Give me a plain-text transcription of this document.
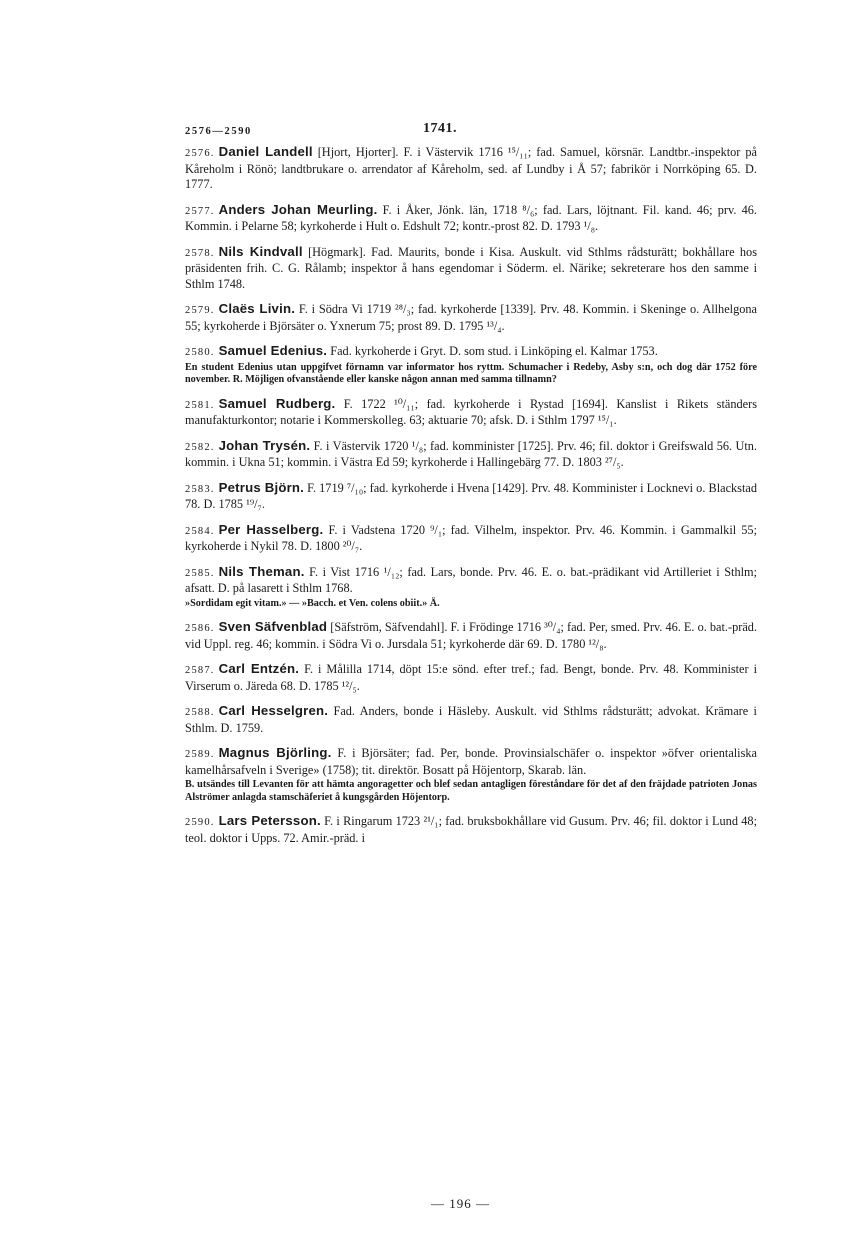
2576—2590	1741.
2576. Daniel Landell [Hjort, Hjorter]. F. i Västervik 1716 ¹⁵/₁₁; fad. Samuel, körsnär. Landtbr.-inspektor på Kåreholm i Rönö; landtbrukare o. arrendator af Kåreholm, sed. af Lundby i Å 57; fabrikör i Norrköping 65. D. 1777.
2577. Anders Johan Meurling. F. i Åker, Jönk. län, 1718 ⁸/₆; fad. Lars, löjtnant. Fil. kand. 46; prv. 46. Kommin. i Pelarne 58; kyrkoherde i Hult o. Edshult 72; kontr.-prost 82. D. 1793 ¹/₈.
2578. Nils Kindvall [Högmark]. Fad. Maurits, bonde i Kisa. Auskult. vid Sthlms rådsturätt; bokhållare hos präsidenten frih. C. G. Rålamb; inspektor å hans egendomar i Söderm. el. Närike; sekreterare hos den samme i Sthlm 1748.
2579. Claës Livin. F. i Södra Vi 1719 ²⁸/₃; fad. kyrkoherde [1339]. Prv. 48. Kommin. i Skeninge o. Allhelgona 55; kyrkoherde i Björsäter o. Yxnerum 75; prost 89. D. 1795 ¹³/₄.
2580. Samuel Edenius. Fad. kyrkoherde i Gryt. D. som stud. i Linköping el. Kalmar 1753.
En student Edenius utan uppgifvet förnamn var informator hos ryttm. Schumacher i Redeby, Asby s:n, och dog där 1752 före november. R. Möjligen ofvanstående eller kanske någon annan med samma tillnamn?
2581. Samuel Rudberg. F. 1722 ¹⁰/₁₁; fad. kyrkoherde i Rystad [1694]. Kanslist i Rikets ständers manufakturkontor; notarie i Kommerskolleg. 63; aktuarie 70; afsk. D. i Sthlm 1797 ¹⁵/₁.
2582. Johan Trysén. F. i Västervik 1720 ¹/₈; fad. komminister [1725]. Prv. 46; fil. doktor i Greifswald 56. Utn. kommin. i Ukna 51; kommin. i Västra Ed 59; kyrkoherde i Hallingebärg 77. D. 1803 ²⁷/₅.
2583. Petrus Björn. F. 1719 ⁷/₁₀; fad. kyrkoherde i Hvena [1429]. Prv. 48. Komminister i Locknevi o. Blackstad 78. D. 1785 ¹⁹/₇.
2584. Per Hasselberg. F. i Vadstena 1720 ⁹/₁; fad. Vilhelm, inspektor. Prv. 46. Kommin. i Gammalkil 55; kyrkoherde i Nykil 78. D. 1800 ²⁰/₇.
2585. Nils Theman. F. i Vist 1716 ¹/₁₂; fad. Lars, bonde. Prv. 46. E. o. bat.-prädikant vid Artilleriet i Sthlm; afsatt. D. på lasarett i Sthlm 1768.
»Sordidam egit vitam.» — »Bacch. et Ven. colens obiit.» Ä.
2586. Sven Säfvenblad [Säfström, Säfvendahl]. F. i Frödinge 1716 ³⁰/₄; fad. Per, smed. Prv. 46. E. o. bat.-präd. vid Uppl. reg. 46; kommin. i Södra Vi o. Jursdala 51; kyrkoherde där 69. D. 1780 ¹²/₈.
2587. Carl Entzén. F. i Målilla 1714, döpt 15:e sönd. efter tref.; fad. Bengt, bonde. Prv. 48. Komminister i Virserum o. Järeda 68. D. 1785 ¹²/₅.
2588. Carl Hesselgren. Fad. Anders, bonde i Häsleby. Auskult. vid Sthlms rådsturätt; advokat. Krämare i Sthlm. D. 1759.
2589. Magnus Björling. F. i Björsäter; fad. Per, bonde. Provinsialschäfer o. inspektor »öfver orientaliska kamelhårsafveln i Sverige» (1758); tit. direktör. Bosatt på Höjentorp, Skarab. län.
B. utsändes till Levanten för att hämta angoragetter och blef sedan antagligen föreståndare för det af den fräjdade patrioten Jonas Alströmer anlagda stamschäferiet å kungsgården Höjentorp.
2590. Lars Petersson. F. i Ringarum 1723 ²¹/₁; fad. bruksbokhållare vid Gusum. Prv. 46; fil. doktor i Lund 48; teol. doktor i Upps. 72. Amir.-präd. i
— 196 —
